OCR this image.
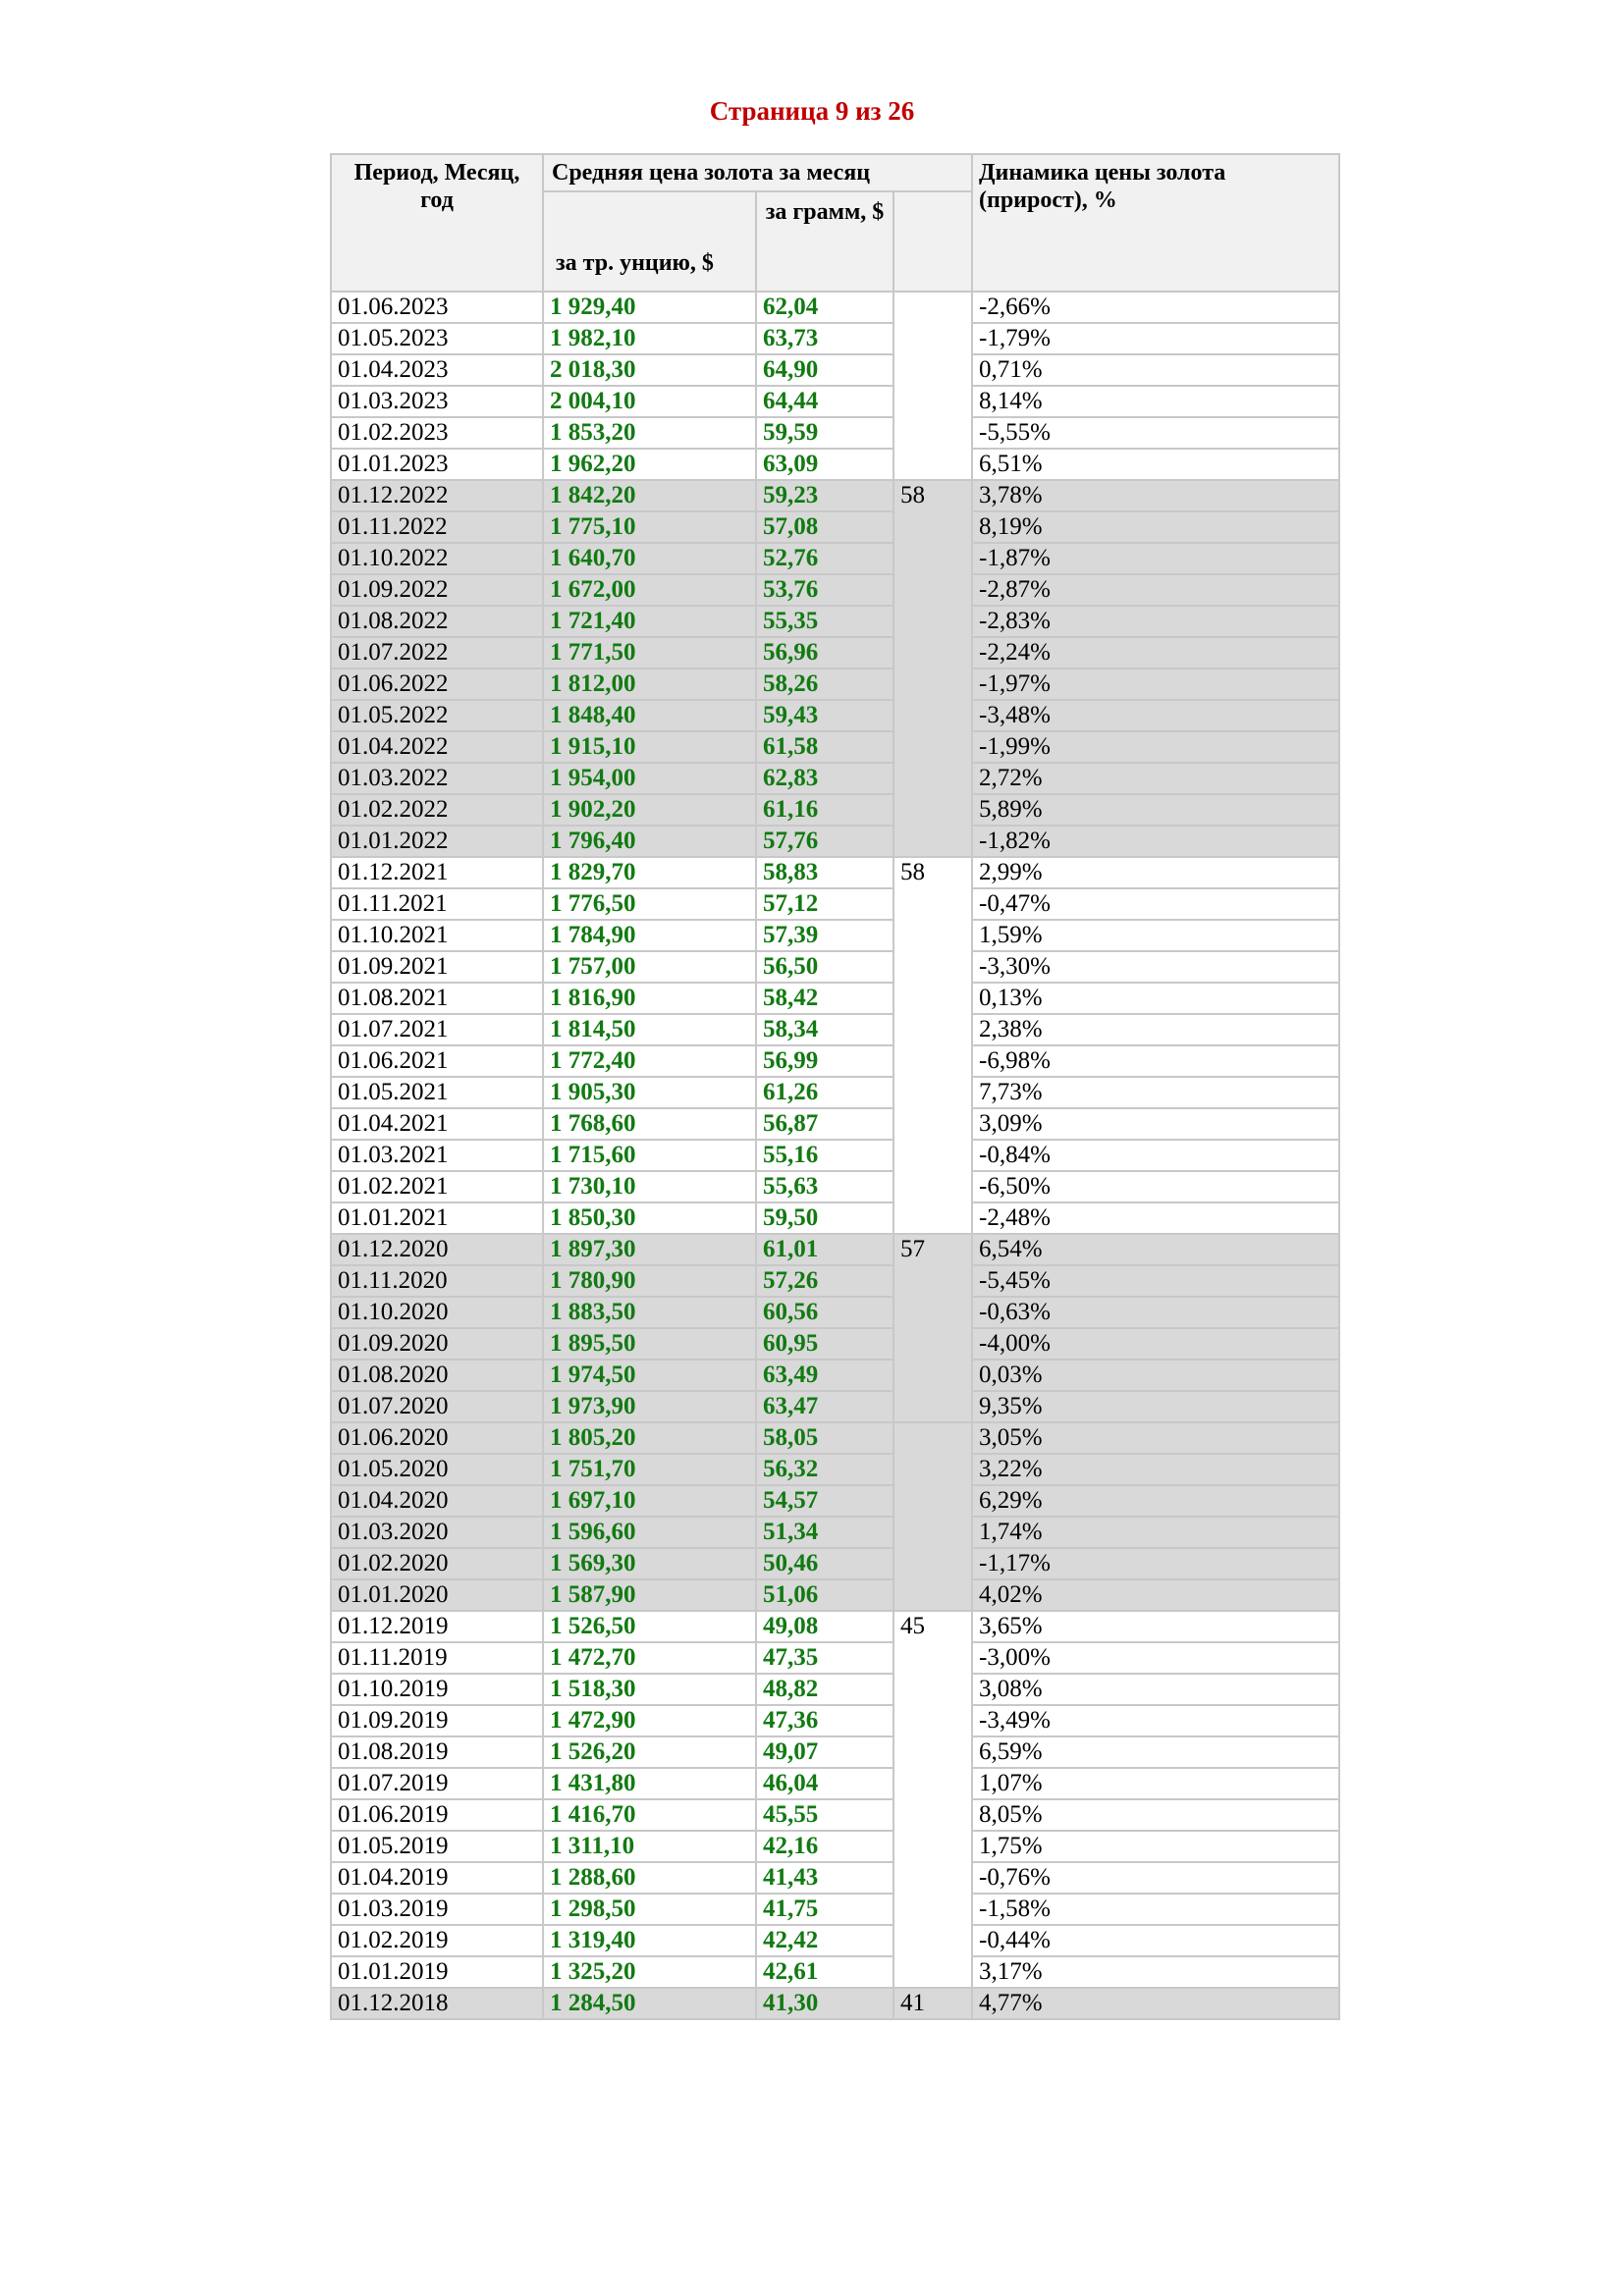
Страница 9 из 26
Период, Месяц, год	Средняя цена золота за месяц			Динамика цены золота (прирост), %
	за тр. унцию, $	за грамм, $		
01.06.2023	1 929,40	62,04		-2,66%
01.05.2023	1 982,10	63,73		-1,79%
01.04.2023	2 018,30	64,90		0,71%
01.03.2023	2 004,10	64,44		8,14%
01.02.2023	1 853,20	59,59		-5,55%
01.01.2023	1 962,20	63,09		6,51%
01.12.2022	1 842,20	59,23	58	3,78%
01.11.2022	1 775,10	57,08		8,19%
01.10.2022	1 640,70	52,76		-1,87%
01.09.2022	1 672,00	53,76		-2,87%
01.08.2022	1 721,40	55,35		-2,83%
01.07.2022	1 771,50	56,96		-2,24%
01.06.2022	1 812,00	58,26		-1,97%
01.05.2022	1 848,40	59,43		-3,48%
01.04.2022	1 915,10	61,58		-1,99%
01.03.2022	1 954,00	62,83		2,72%
01.02.2022	1 902,20	61,16		5,89%
01.01.2022	1 796,40	57,76		-1,82%
01.12.2021	1 829,70	58,83	58	2,99%
01.11.2021	1 776,50	57,12		-0,47%
01.10.2021	1 784,90	57,39		1,59%
01.09.2021	1 757,00	56,50		-3,30%
01.08.2021	1 816,90	58,42		0,13%
01.07.2021	1 814,50	58,34		2,38%
01.06.2021	1 772,40	56,99		-6,98%
01.05.2021	1 905,30	61,26		7,73%
01.04.2021	1 768,60	56,87		3,09%
01.03.2021	1 715,60	55,16		-0,84%
01.02.2021	1 730,10	55,63		-6,50%
01.01.2021	1 850,30	59,50		-2,48%
01.12.2020	1 897,30	61,01	57	6,54%
01.11.2020	1 780,90	57,26		-5,45%
01.10.2020	1 883,50	60,56		-0,63%
01.09.2020	1 895,50	60,95		-4,00%
01.08.2020	1 974,50	63,49		0,03%
01.07.2020	1 973,90	63,47		9,35%
01.06.2020	1 805,20	58,05		3,05%
01.05.2020	1 751,70	56,32		3,22%
01.04.2020	1 697,10	54,57		6,29%
01.03.2020	1 596,60	51,34		1,74%
01.02.2020	1 569,30	50,46		-1,17%
01.01.2020	1 587,90	51,06		4,02%
01.12.2019	1 526,50	49,08	45	3,65%
01.11.2019	1 472,70	47,35		-3,00%
01.10.2019	1 518,30	48,82		3,08%
01.09.2019	1 472,90	47,36		-3,49%
01.08.2019	1 526,20	49,07		6,59%
01.07.2019	1 431,80	46,04		1,07%
01.06.2019	1 416,70	45,55		8,05%
01.05.2019	1 311,10	42,16		1,75%
01.04.2019	1 288,60	41,43		-0,76%
01.03.2019	1 298,50	41,75		-1,58%
01.02.2019	1 319,40	42,42		-0,44%
01.01.2019	1 325,20	42,61		3,17%
01.12.2018	1 284,50	41,30	41	4,77%
